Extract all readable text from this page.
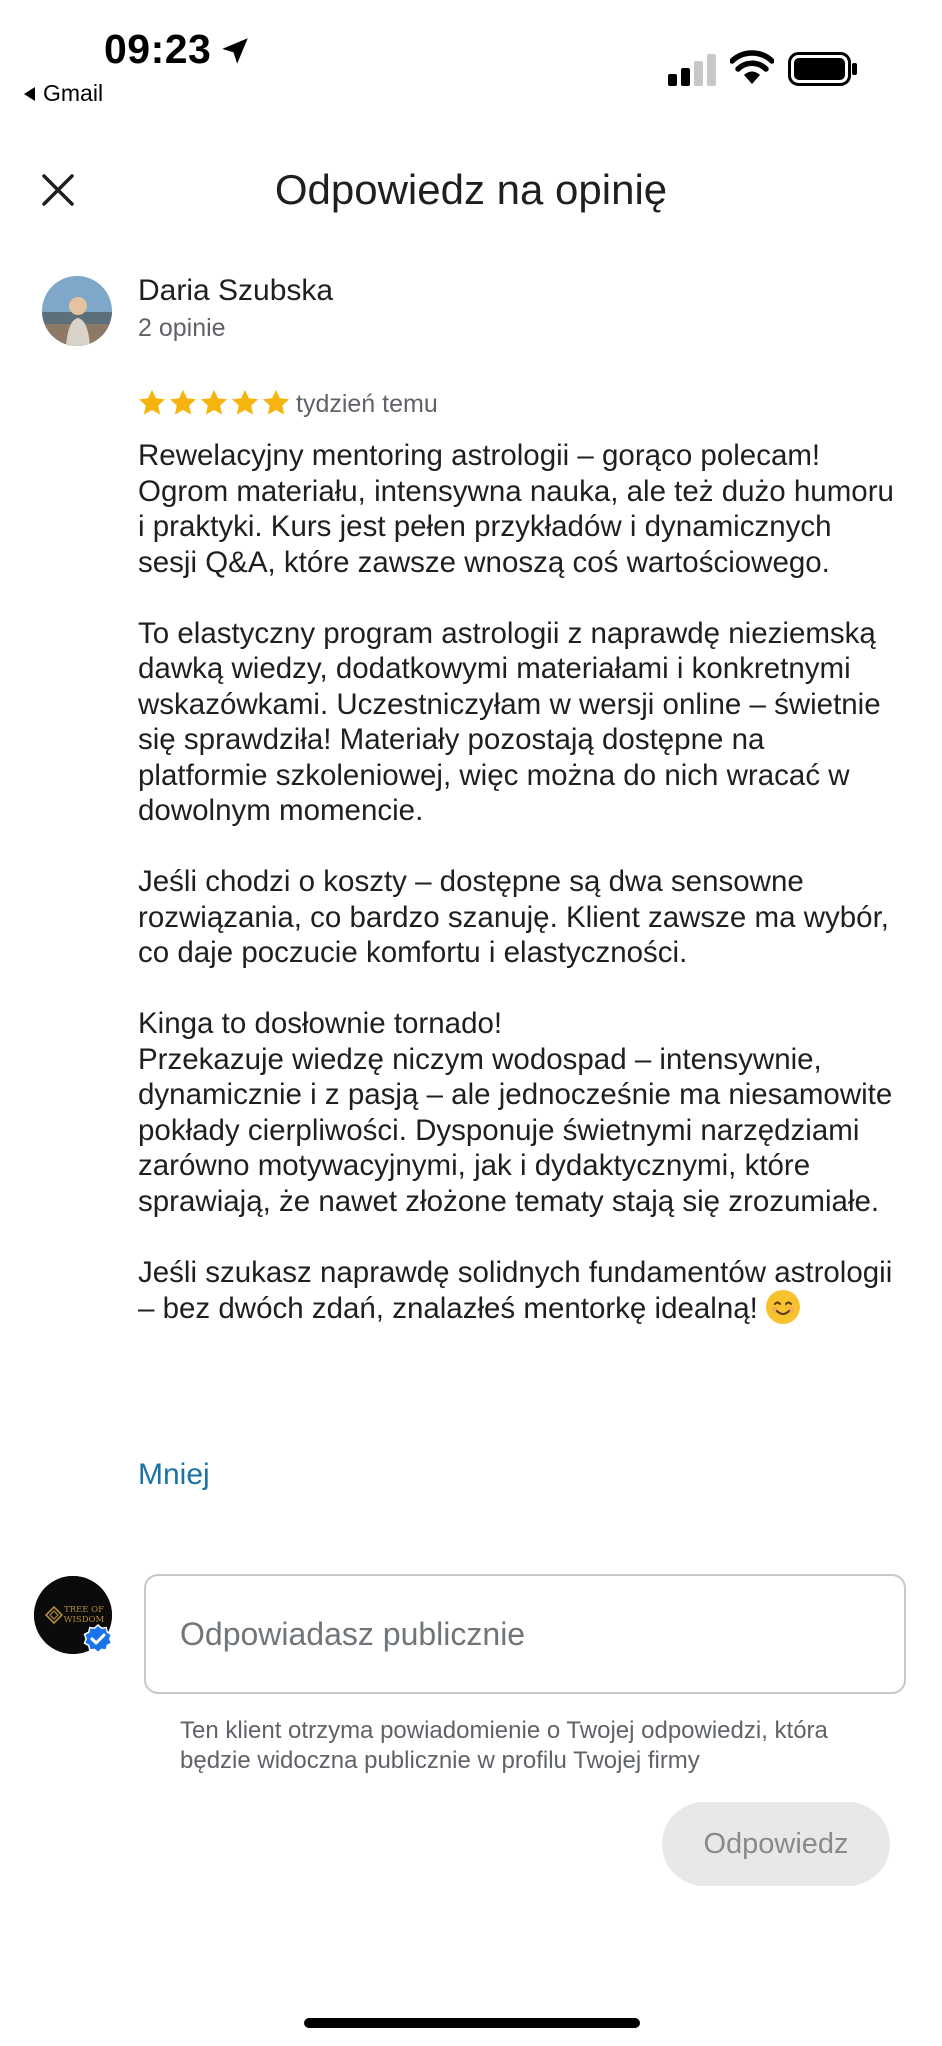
09:23
Gmail
Odpowiedz na opinię
Daria Szubska
2 opinie
tydzień temu

Rewelacyjny mentoring astrologii – gorąco polecam! Ogrom materiału, intensywna nauka, ale też dużo humoru i praktyki. Kurs jest pełen przykładów i dynamicznych sesji Q&A, które zawsze wnoszą coś wartościowego.

To elastyczny program astrologii z naprawdę nieziemską dawką wiedzy, dodatkowymi materiałami i konkretnymi wskazówkami. Uczestniczyłam w wersji online – świetnie się sprawdziła! Materiały pozostają dostępne na platformie szkoleniowej, więc można do nich wracać w dowolnym momencie.

Jeśli chodzi o koszty – dostępne są dwa sensowne rozwiązania, co bardzo szanuję. Klient zawsze ma wybór, co daje poczucie komfortu i elastyczności.

Kinga to dosłownie tornado!
Przekazuje wiedzę niczym wodospad – intensywnie, dynamicznie i z pasją – ale jednocześnie ma niesamowite pokłady cierpliwości. Dysponuje świetnymi narzędziami zarówno motywacyjnymi, jak i dydaktycznymi, które sprawiają, że nawet złożone tematy stają się zrozumiałe.

Jeśli szukasz naprawdę solidnych fundamentów astrologii – bez dwóch zdań, znalazłeś mentorkę idealną!

Mniej
TREE OF
WISDOM	Odpowiadasz publicznie
Ten klient otrzyma powiadomienie o Twojej odpowiedzi, która będzie widoczna publicznie w profilu Twojej firmy
Odpowiedz
